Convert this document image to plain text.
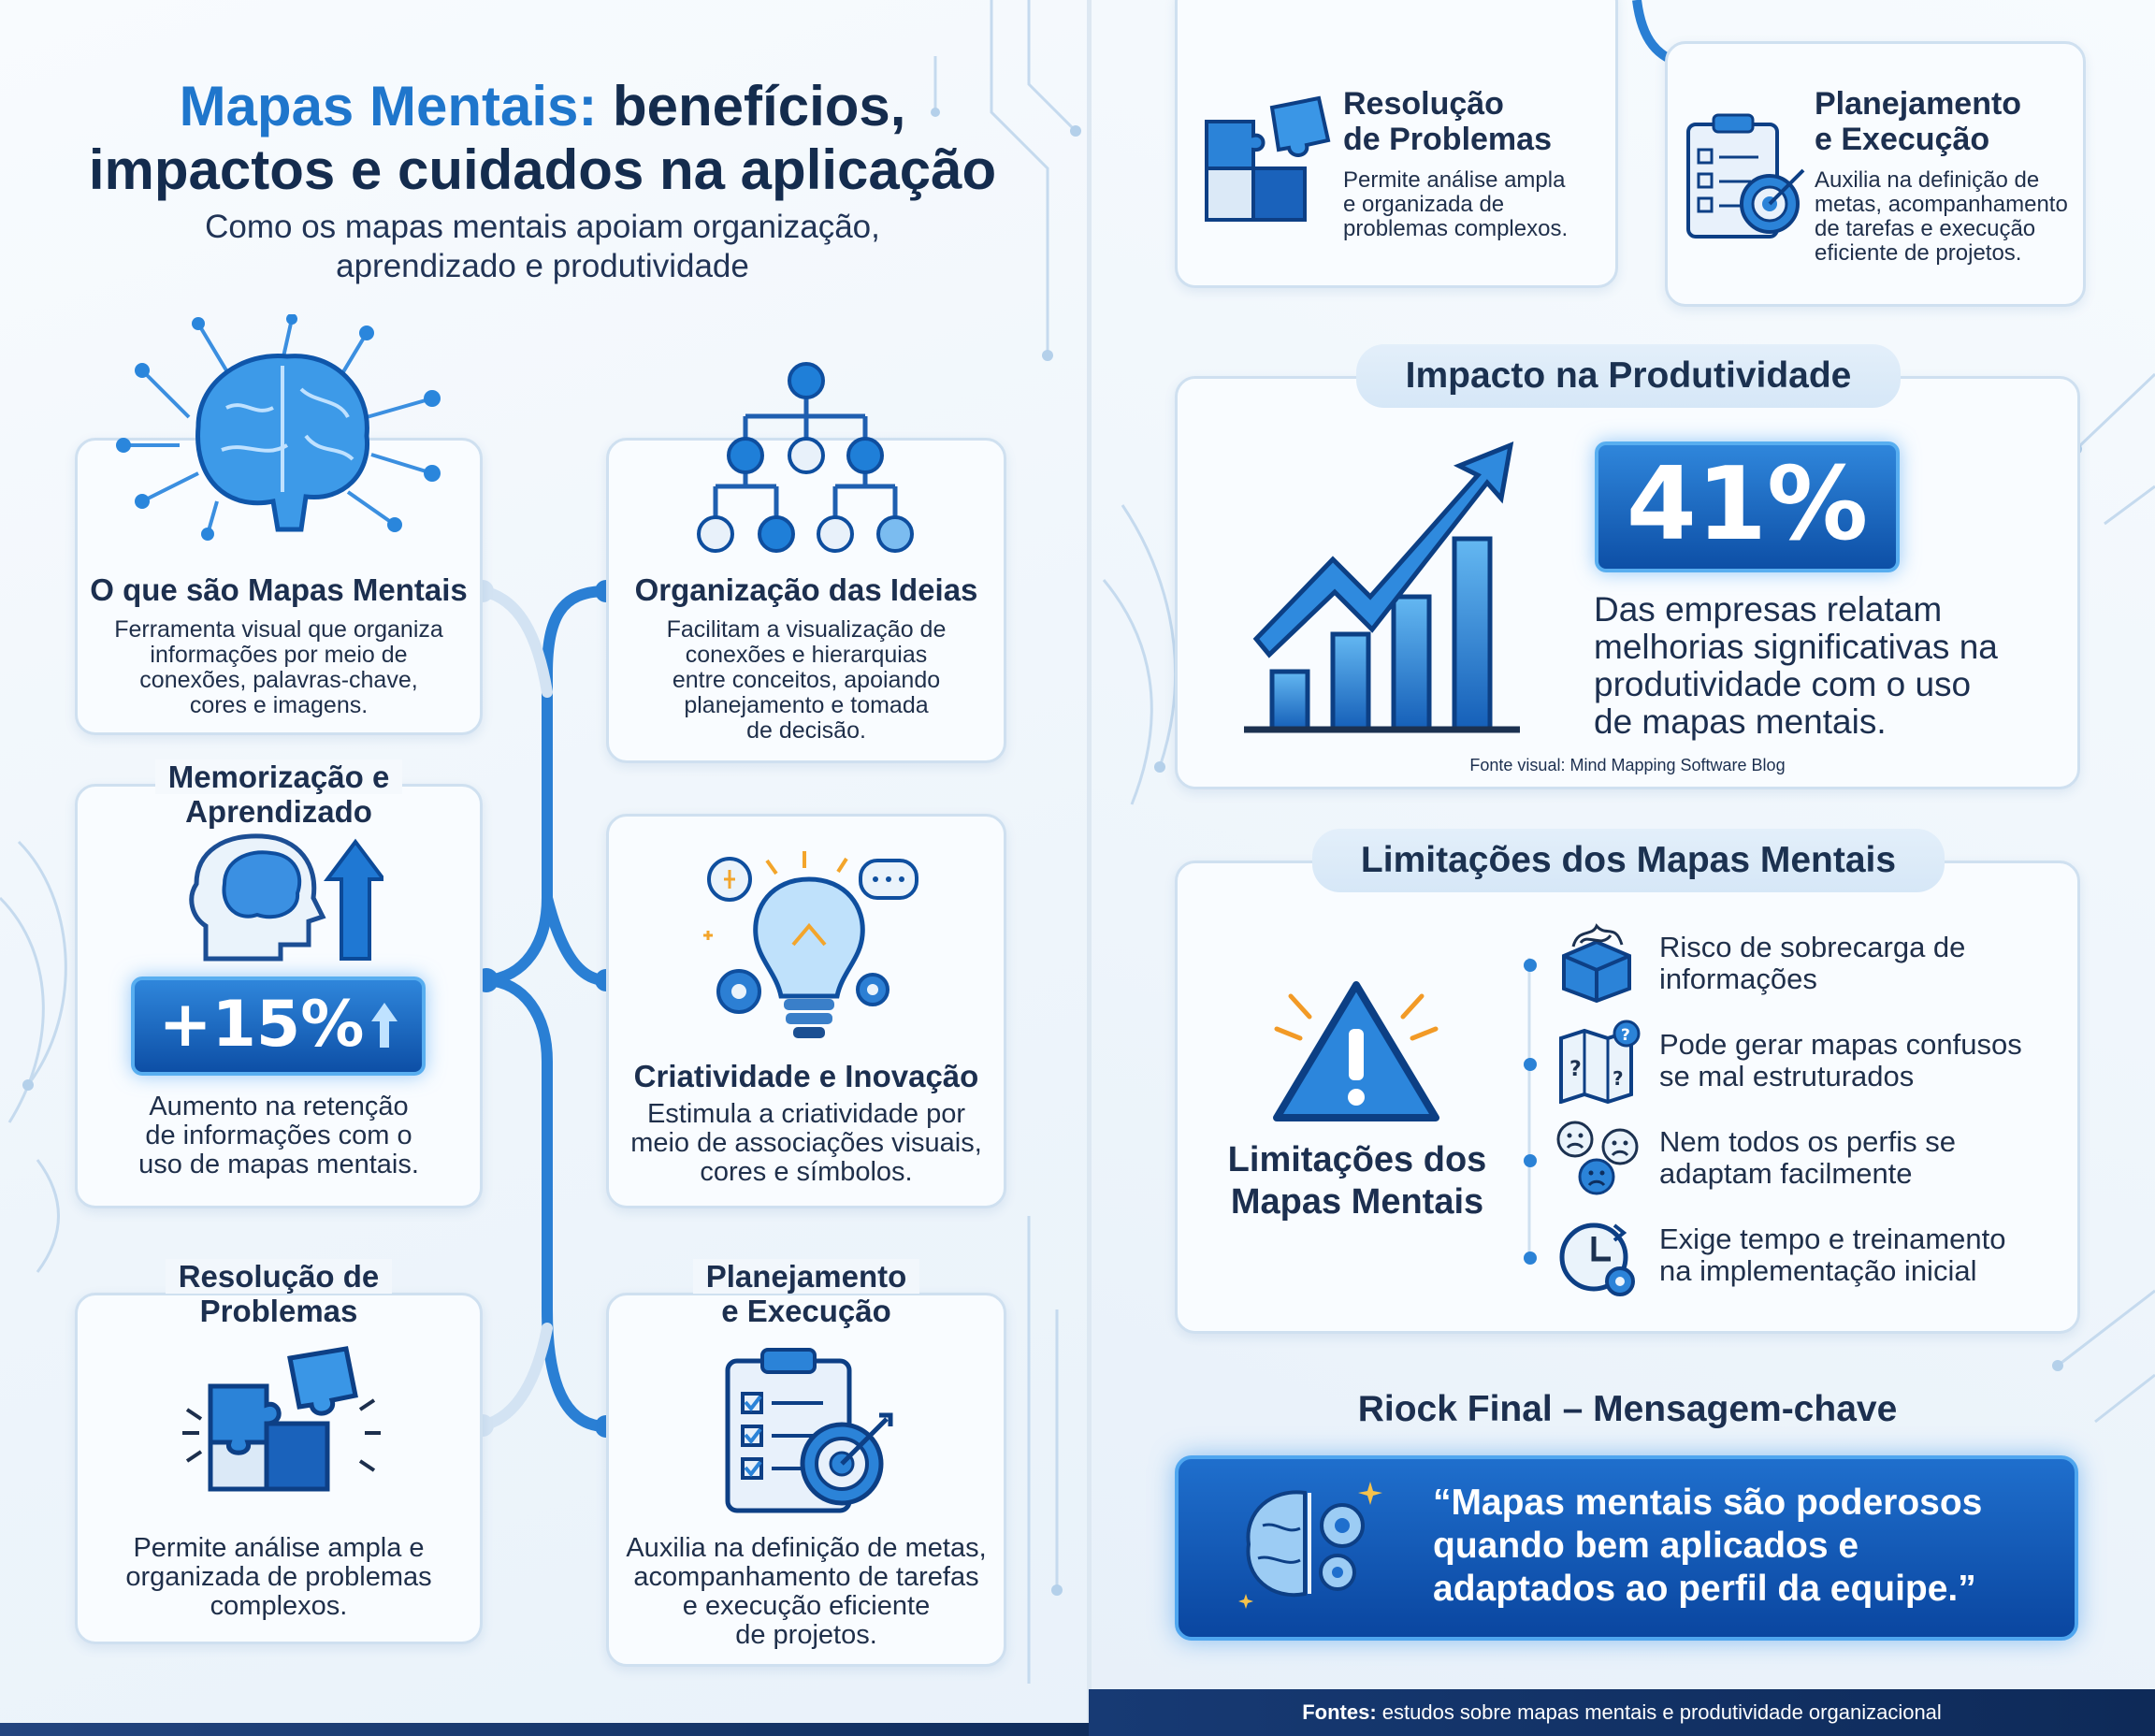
Mapas Mentais: benefícios,
impactos e cuidados na aplicação
Como os mapas mentais apoiam organização,
aprendizado e produtividade
O que são Mapas Mentais
Ferramenta visual que organiza
informações por meio de
conexões, palavras-chave,
cores e imagens.
Organização das Ideias
Facilitam a visualização de
conexões e hierarquias
entre conceitos, apoiando
planejamento e tomada
de decisão.
Memorização e
Aprendizado
+15%
Aumento na retenção
de informações com o
uso de mapas mentais.
Criatividade e Inovação
Estimula a criatividade por
meio de associações visuais,
cores e símbolos.
Resolução de
Problemas
Permite análise ampla e
organizada de problemas
complexos.
Planejamento
e Execução
Auxilia na definição de metas,
acompanhamento de tarefas
e execução eficiente
de projetos.
Resolução
de Problemas
Permite análise ampla
e organizada de
problemas complexos.
Planejamento
e Execução
Auxilia na definição de
metas, acompanhamento
de tarefas e execução
eficiente de projetos.
Impacto na Produtividade
41%
Das empresas relatam
melhorias significativas na
produtividade com o uso
de mapas mentais.
Fonte visual: Mind Mapping Software Blog
Limitações dos Mapas Mentais
Limitações dos
Mapas Mentais
Risco de sobrecarga de
informações
? ?
? Pode gerar mapas confusos
se mal estruturados
Nem todos os perfis se
adaptam facilmente
Exige tempo e treinamento
na implementação inicial
Riock Final – Mensagem-chave
“Mapas mentais são poderosos quando bem aplicados e adaptados ao perfil da equipe.”
Fontes: estudos sobre mapas mentais e produtividade organizacional
